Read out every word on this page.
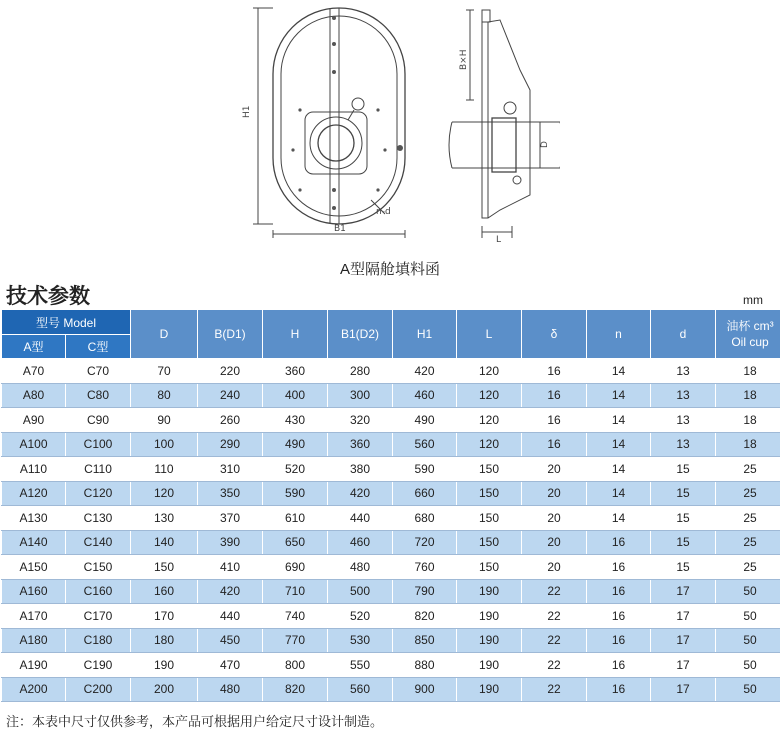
H1
B1
n-d
B×H
D
L
A型隔舱填料函
技术参数	mm
型号 Model		D	B(D1)	H	B1(D2)	H1	L	δ	n	d	油杯 cm³
Oil cup
A型	C型										
A70	C70	70	220	360	280	420	120	16	14	13	18
A80	C80	80	240	400	300	460	120	16	14	13	18
A90	C90	90	260	430	320	490	120	16	14	13	18
A100	C100	100	290	490	360	560	120	16	14	13	18
A110	C110	110	310	520	380	590	150	20	14	15	25
A120	C120	120	350	590	420	660	150	20	14	15	25
A130	C130	130	370	610	440	680	150	20	14	15	25
A140	C140	140	390	650	460	720	150	20	16	15	25
A150	C150	150	410	690	480	760	150	20	16	15	25
A160	C160	160	420	710	500	790	190	22	16	17	50
A170	C170	170	440	740	520	820	190	22	16	17	50
A180	C180	180	450	770	530	850	190	22	16	17	50
A190	C190	190	470	800	550	880	190	22	16	17	50
A200	C200	200	480	820	560	900	190	22	16	17	50
注：本表中尺寸仅供参考，本产品可根据用户给定尺寸设计制造。
